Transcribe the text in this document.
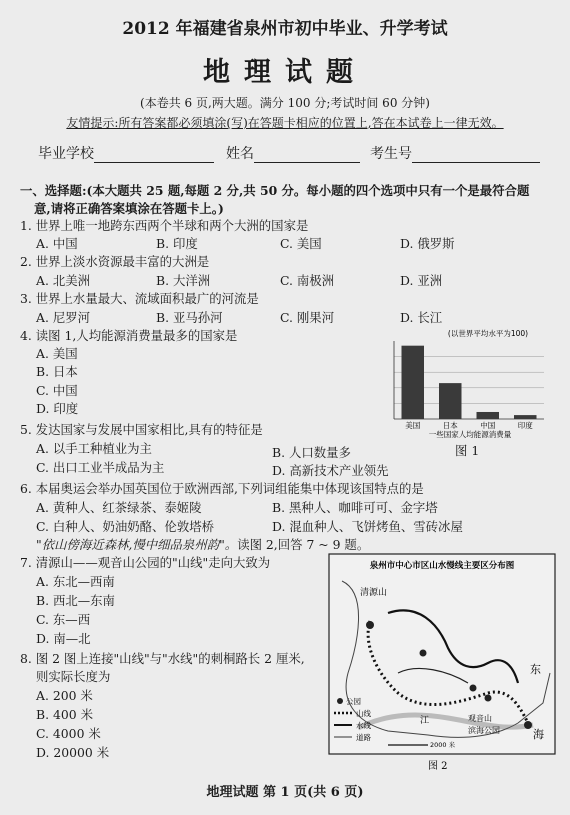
2012 年福建省泉州市初中毕业、升学考试
地理试题
(本卷共 6 页,两大题。满分 100 分;考试时间 60 分钟)
友情提示:所有答案都必须填涂(写)在答题卡相应的位置上,答在本试卷上一律无效。
毕业学校	姓名	考生号
一、选择题:(本大题共 25 题,每题 2 分,共 50 分。每小题的四个选项中只有一个是最符合题
意,请将正确答案填涂在答题卡上。)
1. 世界上唯一地跨东西两个半球和两个大洲的国家是
A. 中国	B. 印度	C. 美国	D. 俄罗斯
2. 世界上淡水资源最丰富的大洲是
A. 北美洲	B. 大洋洲	C. 南极洲	D. 亚洲
3. 世界上水量最大、流域面积最广的河流是
A. 尼罗河	B. 亚马孙河	C. 刚果河	D. 长江
4. 读图 1,人均能源消费量最多的国家是
A. 美国
B. 日本
C. 中国
D. 印度
(以世界平均水平为100)
美国	日本	中国	印度
一些国家人均能源消费量
图 1
5. 发达国家与发展中国家相比,具有的特征是
A. 以手工种植业为主	B. 人口数量多
C. 出口工业半成品为主	D. 高新技术产业领先
6. 本届奥运会举办国英国位于欧洲西部,下列词组能集中体现该国特点的是
A. 黄种人、红茶绿茶、泰姬陵	B. 黑种人、咖啡可可、金字塔
C. 白种人、奶油奶酪、伦敦塔桥	D. 混血种人、飞饼烤鱼、雪砖冰屋
"依山傍海近森林,慢中细品泉州韵"。读图 2,回答 7 ~ 9 题。
7. 清源山——观音山公园的"山线"走向大致为
A. 东北—西南
B. 西北—东南
C. 东—西
D. 南—北
8. 图 2 图上连接"山线"与"水线"的刺桐路长 2 厘米,
则实际长度为
A. 200 米
B. 400 米
C. 4000 米
D. 20000 米
泉州市中心市区山水慢线主要区分布图
清源山
观音山
滨海公园
东
海
江
公园
山线
水线
道路
2000 米
图 2
地理试题 第 1 页(共 6 页)
